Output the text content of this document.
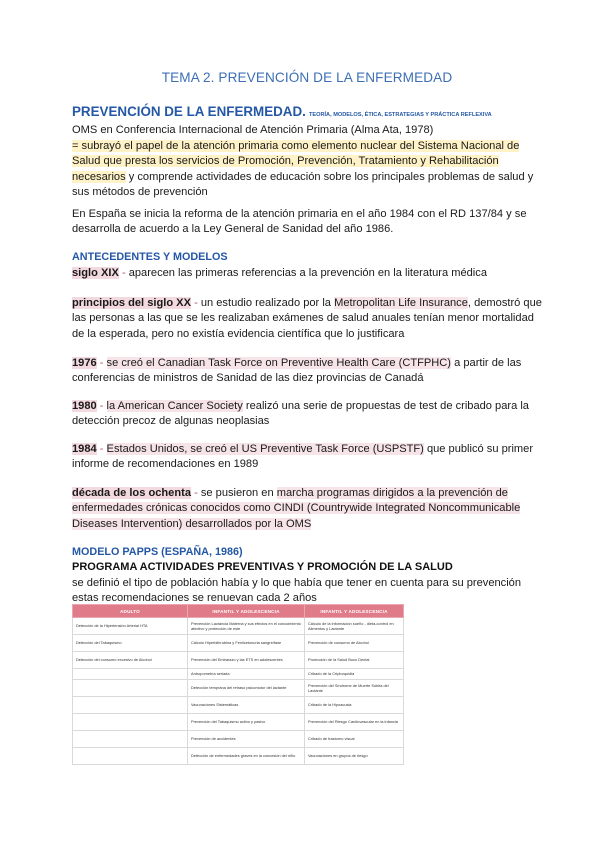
TEMA 2. PREVENCIÓN DE LA ENFERMEDAD
PREVENCIÓN DE LA ENFERMEDAD. TEORÍA, MODELOS, ÉTICA, ESTRATEGIAS Y PRÁCTICA REFLEXIVA
OMS en Conferencia Internacional de Atención Primaria (Alma Ata, 1978)
= subrayó el papel de la atención primaria como elemento nuclear del Sistema Nacional de Salud que presta los servicios de Promoción, Prevención, Tratamiento y Rehabilitación necesarios y comprende actividades de educación sobre los principales problemas de salud y sus métodos de prevención
En España se inicia la reforma de la atención primaria en el año 1984 con el RD 137/84 y se desarrolla de acuerdo a la Ley General de Sanidad del año 1986.
ANTECEDENTES Y MODELOS
siglo XIX - aparecen las primeras referencias a la prevención en la literatura médica
principios del siglo XX - un estudio realizado por la Metropolitan Life Insurance, demostró que las personas a las que se les realizaban exámenes de salud anuales tenían menor mortalidad de la esperada, pero no existía evidencia científica que lo justificara
1976 - se creó el Canadian Task Force on Preventive Health Care (CTFPHC) a partir de las conferencias de ministros de Sanidad de las diez provincias de Canadá
1980 - la American Cancer Society realizó una serie de propuestas de test de cribado para la detección precoz de algunas neoplasias
1984 - Estados Unidos, se creó el US Preventive Task Force (USPSTF) que publicó su primer informe de recomendaciones en 1989
década de los ochenta - se pusieron en marcha programas dirigidos a la prevención de enfermedades crónicas conocidos como CINDI (Countrywide Integrated Noncommunicable Diseases Intervention) desarrollados por la OMS
MODELO PAPPS (ESPAÑA, 1986)
PROGRAMA ACTIVIDADES PREVENTIVAS Y PROMOCIÓN DE LA SALUD
se definió el tipo de población había y lo que había que tener en cuenta para su prevención estas recomendaciones se renuevan cada 2 años
ADULTO	INFANTIL Y ADOLESCENCIA	INFANTIL Y ADOLESCENCIA
Detección de la Hipertensión Arterial HTA	Prevención Lactancia Materna y sus efectos en el conocimiento afectivo y protección de este	Cálculo de la información sueño - dieta-control en Alimentos y Lactante
Detección del Tabaquismo	Cálculo Hiperbilirrubina y Fenilcetonuria sangre/fase	Prevención de consumo de Alcohol
Detección del consumo excesivo de Alcohol	Prevención del Embarazo y las ETS en adolescentes	Promoción de la Salud Buco Dental
	Antropometría seriada	Cribado de la Criptorquidia
	Detección temprana del retraso psicomotor del lactante	Prevención del Síndrome de Muerte Súbita del Lactante
	Vacunaciones Sistemáticas	Cribado de la Hipoacusia
	Prevención del Tabaquismo activo y pasivo	Prevención del Riesgo Cardiovascular en la infancia
	Prevención de accidentes	Cribado de trastorno visual
	Detección de enfermedades graves en la concesión del niño	Vacunaciones en grupos de riesgo
